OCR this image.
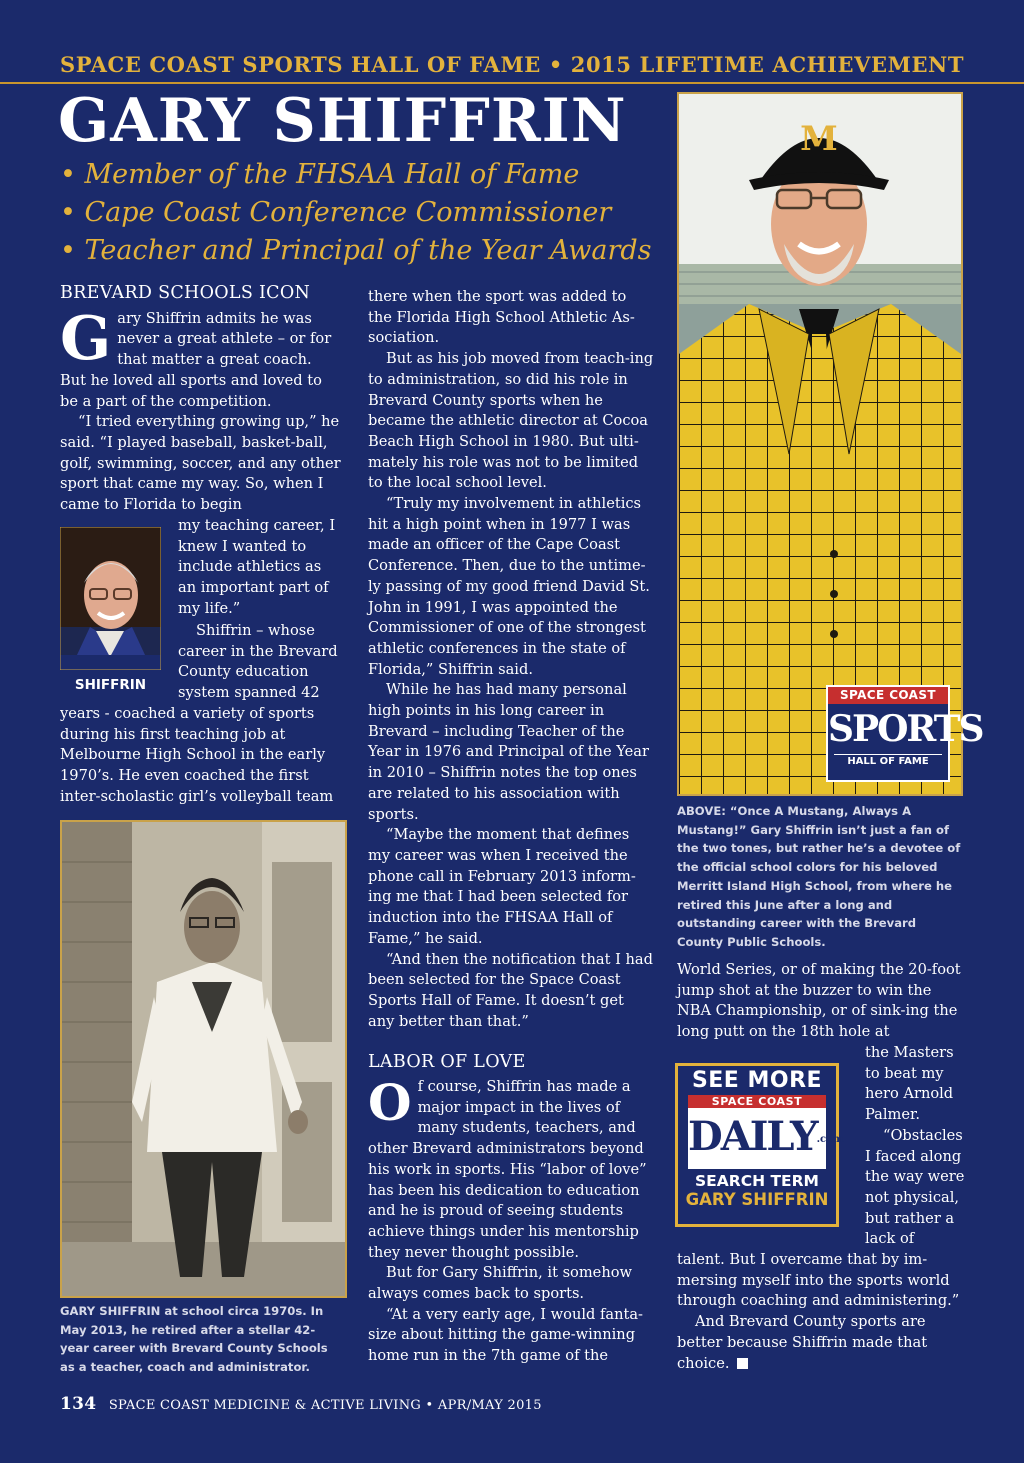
SPACE COAST SPORTS HALL OF FAME • 2015 LIFETIME ACHIEVEMENT
GARY SHIFFRIN
• Member of the FHSAA Hall of Fame
• Cape Coast Conference Commissioner
• Teacher and Principal of the Year Awards
BREVARD SCHOOLS ICON
G ary Shiffrin admits he was never a great athlete – or for that matter a great coach. But he loved all sports and loved to be a part of the competition.

“I tried everything growing up,” he said. “I played baseball, basket-ball, golf, swimming, soccer, and any other sport that came my way. So, when I came to Florida to begin

SHIFFRIN

my teaching career, I knew I wanted to include athletics as an important part of my life.”

Shiffrin – whose career in the Brevard County education system spanned 42

years - coached a variety of sports during his first teaching job at Melbourne High School in the early 1970’s. He even coached the first inter-scholastic girl’s volleyball team

GARY SHIFFRIN at school circa 1970s. In May 2013, he retired after a stellar 42-year career with Brevard County Schools as a teacher, coach and administrator.

there when the sport was added to the Florida High School Athletic As-sociation.

But as his job moved from teach-ing to administration, so did his role in Brevard County sports when he became the athletic director at Cocoa Beach High School in 1980. But ulti-mately his role was not to be limited to the local school level.

“Truly my involvement in athletics hit a high point when in 1977 I was made an officer of the Cape Coast Conference. Then, due to the untime-ly passing of my good friend David St. John in 1991, I was appointed the Commissioner of one of the strongest athletic conferences in the state of Florida,” Shiffrin said.

While he has had many personal high points in his long career in Brevard – including Teacher of the Year in 1976 and Principal of the Year in 2010 – Shiffrin notes the top ones are related to his association with sports.

“Maybe the moment that defines my career was when I received the phone call in February 2013 inform-ing me that I had been selected for induction into the FHSAA Hall of Fame,” he said.

“And then the notification that I had been selected for the Space Coast Sports Hall of Fame. It doesn’t get any better than that.”

LABOR OF LOVE
O f course, Shiffrin has made a major impact in the lives of many students, teachers, and other Brevard administrators beyond his work in sports. His “labor of love” has been his dedication to education and he is proud of seeing students achieve things under his mentorship they never thought possible.

But for Gary Shiffrin, it somehow always comes back to sports.

“At a very early age, I would fanta-size about hitting the game-winning home run in the 7th game of the

M
SPACE COAST
SPORTS
HALL OF FAME
ABOVE: “Once A Mustang, Always A Mustang!” Gary Shiffrin isn’t just a fan of the two tones, but rather he’s a devotee of the official school colors for his beloved Merritt Island High School, from where he retired this June after a long and outstanding career with the Brevard County Public Schools.

World Series, or of making the 20-foot jump shot at the buzzer to win the NBA Championship, or of sink-ing the long putt on the 18th hole at

the Masters to beat my hero Arnold Palmer.

“Obstacles I faced along the way were not physical, but rather a lack of

talent. But I overcame that by im-mersing myself into the sports world through coaching and administering.”

And Brevard County sports are better because Shiffrin made that choice.

SEE MORE
SPACE COAST
DAILY.com
SEARCH TERM
GARY SHIFFRIN
134 SPACE COAST MEDICINE & ACTIVE LIVING • APR/MAY 2015
